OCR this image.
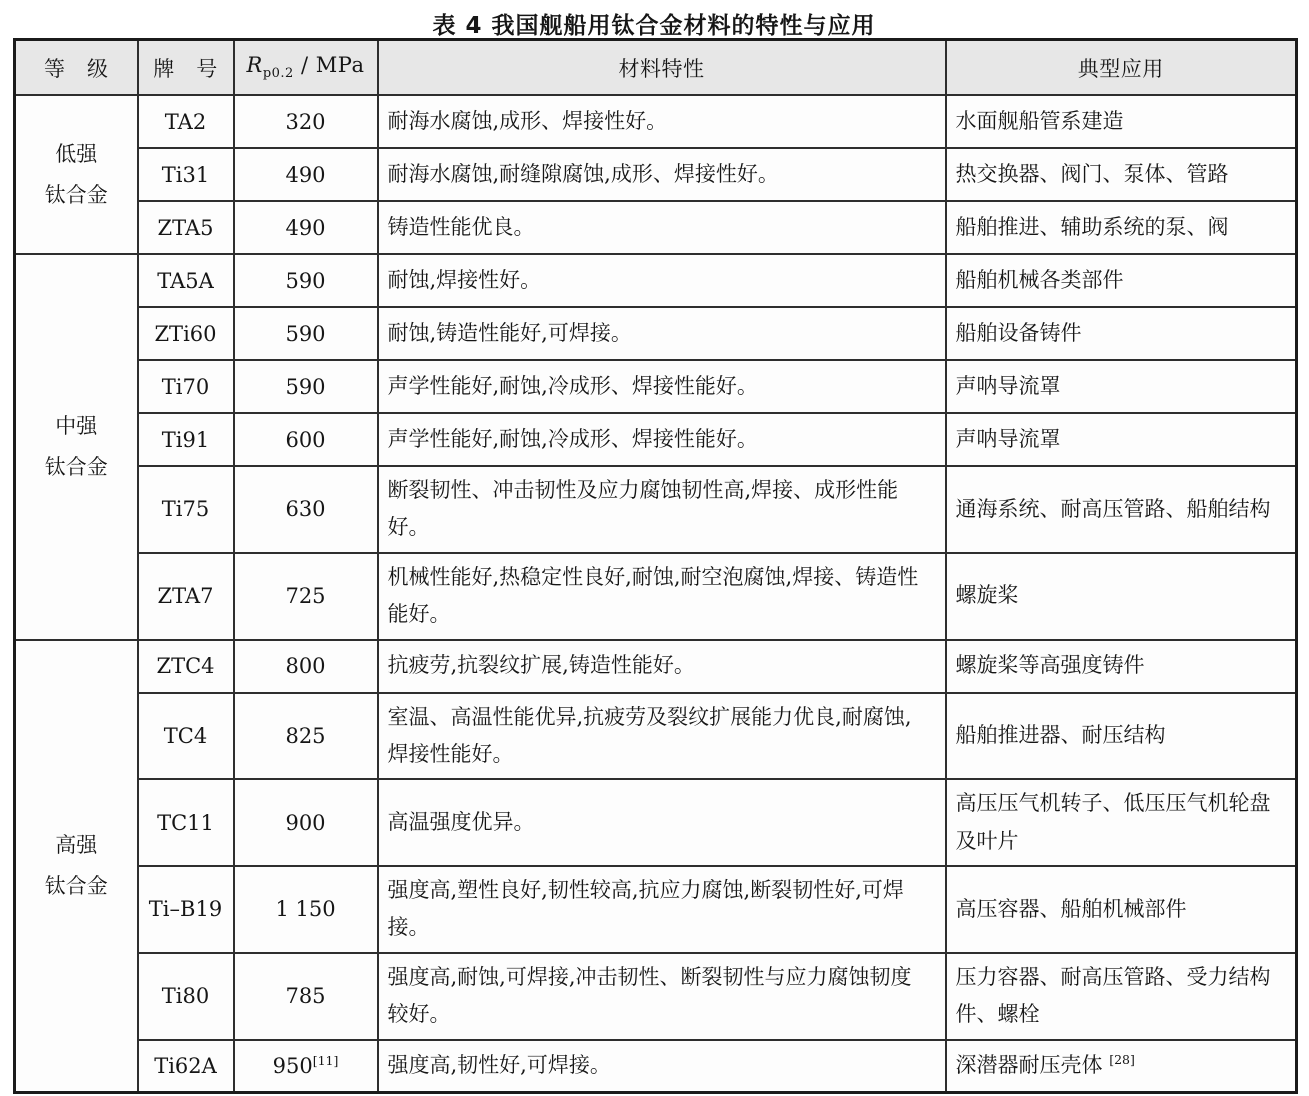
表 4 我国舰船用钛合金材料的特性与应用
等　级	牌　号	$R_{p0.2}$ / MPa	材料特性	典型应用

低强
钛合金	TA2	320	耐海水腐蚀,成形、焊接性好。	水面舰船管系建造
	Ti31	490	耐海水腐蚀,耐缝隙腐蚀,成形、焊接性好。	热交换器、阀门、泵体、管路
	ZTA5	490	铸造性能优良。	船舶推进、辅助系统的泵、阀

中强
钛合金	TA5A	590	耐蚀,焊接性好。	船舶机械各类部件
	ZTi60	590	耐蚀,铸造性能好,可焊接。	船舶设备铸件
	Ti70	590	声学性能好,耐蚀,冷成形、焊接性能好。	声呐导流罩
	Ti91	600	声学性能好,耐蚀,冷成形、焊接性能好。	声呐导流罩
	Ti75	630	断裂韧性、冲击韧性及应力腐蚀韧性高,焊接、成形性能好。	通海系统、耐高压管路、船舶结构
	ZTA7	725	机械性能好,热稳定性良好,耐蚀,耐空泡腐蚀,焊接、铸造性能好。	螺旋桨

高强
钛合金	ZTC4	800	抗疲劳,抗裂纹扩展,铸造性能好。	螺旋桨等高强度铸件
	TC4	825	室温、高温性能优异,抗疲劳及裂纹扩展能力优良,耐腐蚀,焊接性能好。	船舶推进器、耐压结构
	TC11	900	高温强度优异。	高压压气机转子、低压压气机轮盘及叶片
	Ti–B19	1 150	强度高,塑性良好,韧性较高,抗应力腐蚀,断裂韧性好,可焊接。	高压容器、船舶机械部件
	Ti80	785	强度高,耐蚀,可焊接,冲击韧性、断裂韧性与应力腐蚀韧度较好。	压力容器、耐高压管路、受力结构件、螺栓
	Ti62A	950[11]	强度高,韧性好,可焊接。	深潜器耐压壳体 [28]
